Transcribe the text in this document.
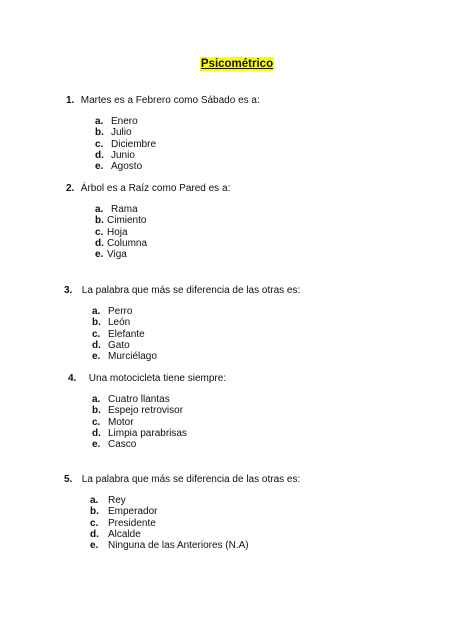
Psicométrico
1. Martes es a Febrero como Sábado es a:
a. Enero
b. Julio
c. Diciembre
d. Junio
e. Agosto
2. Árbol es a Raíz como Pared es a:
a. Rama
b. Cimiento
c. Hoja
d. Columna
e. Viga
3. La palabra que más se diferencia de las otras es:
a. Perro
b. León
c. Elefante
d. Gato
e. Murciélago
4. Una motocicleta tiene siempre:
a. Cuatro llantas
b. Espejo retrovisor
c. Motor
d. Limpia parabrisas
e. Casco
5. La palabra que más se diferencia de las otras es:
a. Rey
b. Emperador
c. Presidente
d. Alcalde
e. Ninguna de las Anteriores (N.A)
